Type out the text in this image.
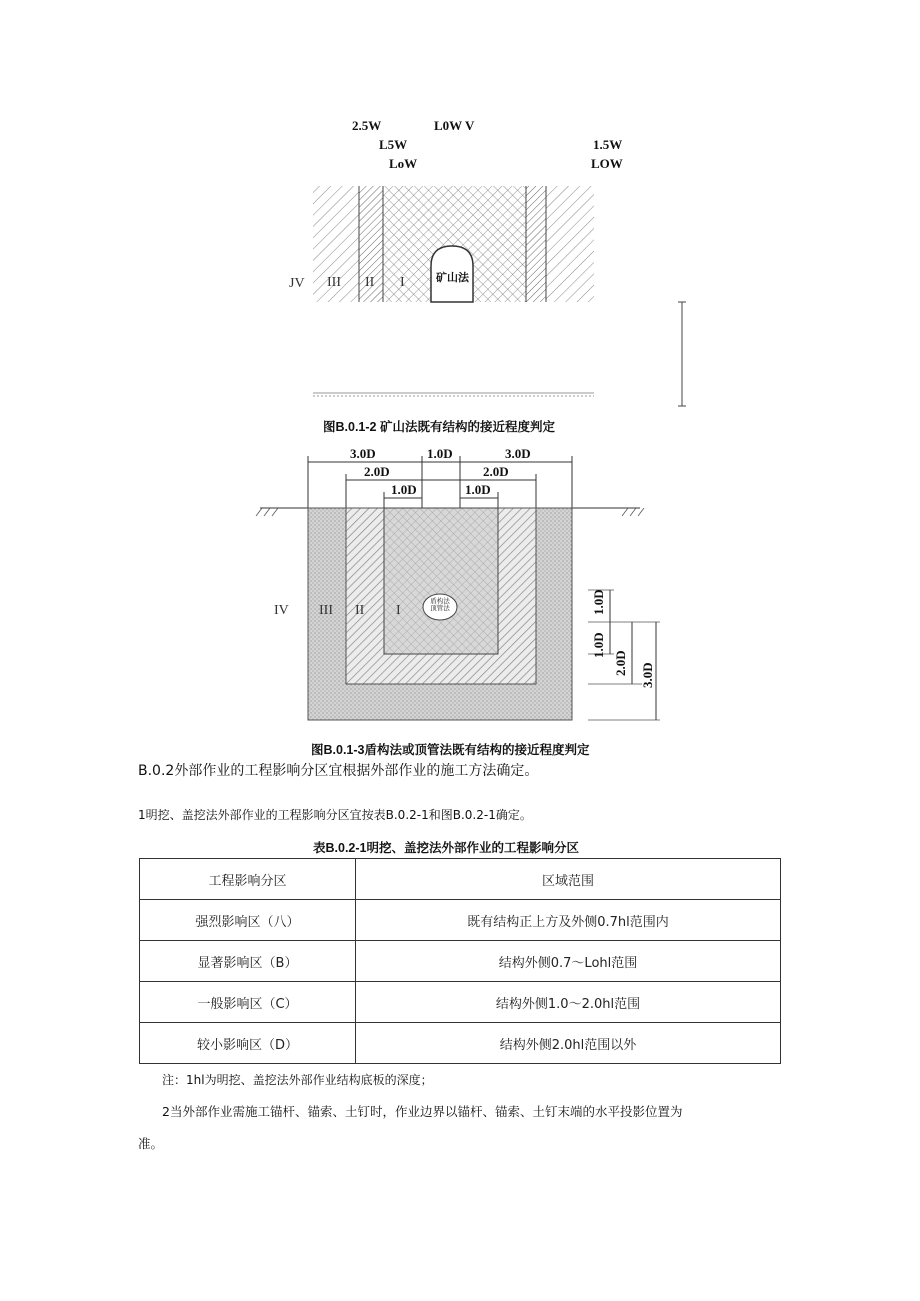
2.5W	L0W V
L5W	1.5W
LoW	LOW
JV III II I	矿山法
图B.0.1-2 矿山法既有结构的接近程度判定
3.0D	1.0D	3.0D
2.0D	2.0D
1.0D	1.0D
1.0D
1.0D
2.0D 3.0D
IV III II I
盾构法
顶管法
图B.0.1-3盾构法或顶管法既有结构的接近程度判定
B.0.2外部作业的工程影响分区宜根据外部作业的施工方法确定。
1明挖、盖挖法外部作业的工程影响分区宜按表B.0.2-1和图B.0.2-1确定。
表B.0.2-1明挖、盖挖法外部作业的工程影响分区
工程影响分区	区域范围
强烈影响区（八）	既有结构正上方及外侧0.7hl范围内
显著影响区（B）	结构外侧0.7～Lohl范围
一般影响区（C）	结构外侧1.0～2.0hl范围
较小影响区（D）	结构外侧2.0hl范围以外
注：1hl为明挖、盖挖法外部作业结构底板的深度；
2当外部作业需施工锚杆、锚索、土钉时，作业边界以锚杆、锚索、土钉末端的水平投影位置为
准。
